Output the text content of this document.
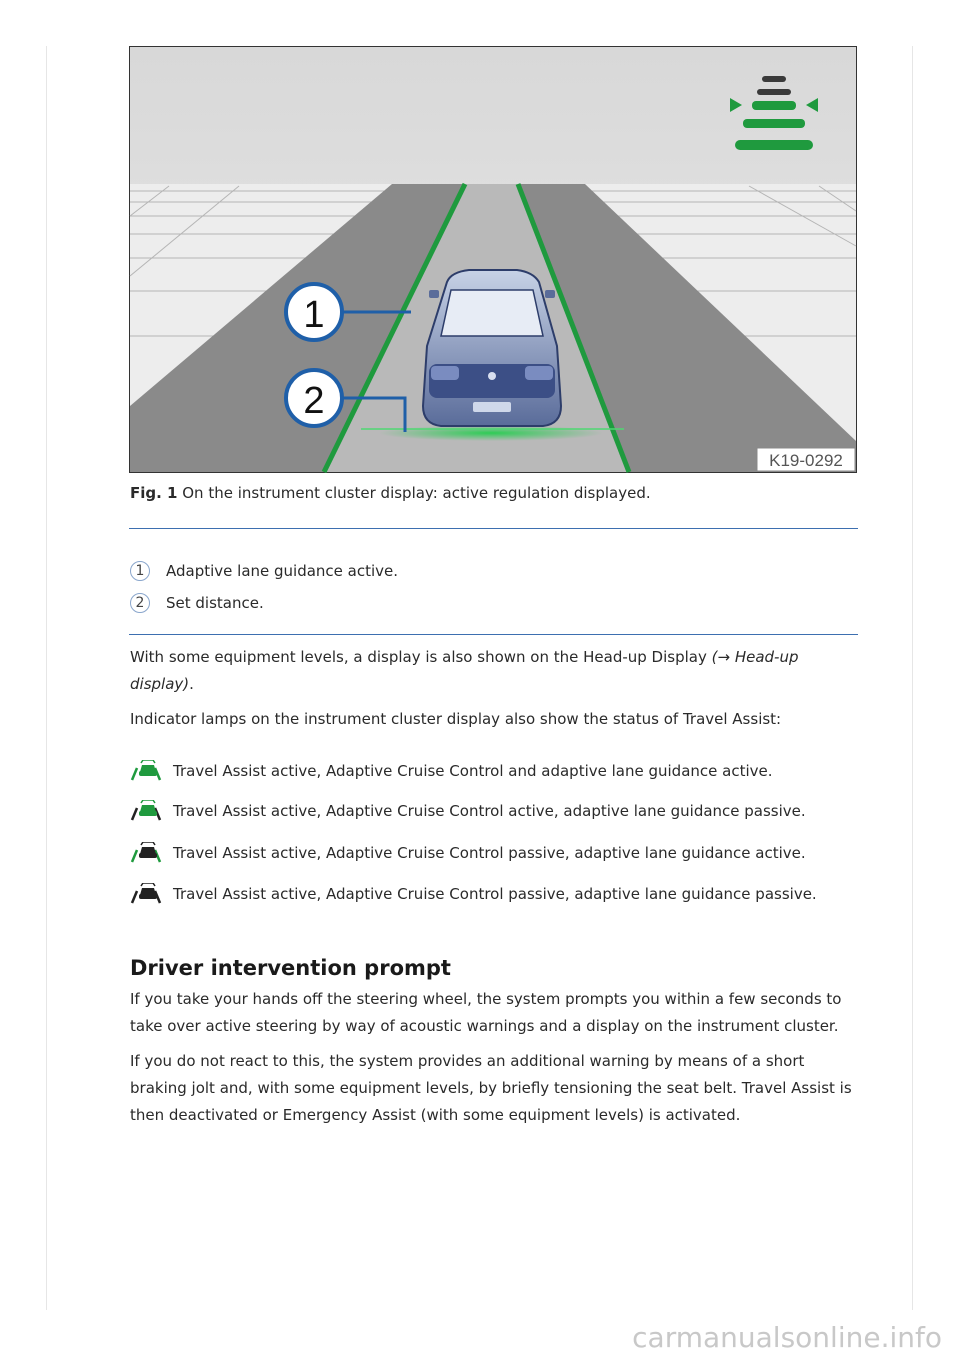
1
2
K19-0292
Fig. 1 On the instrument cluster display: active regulation displayed.
1	Adaptive lane guidance active.
2	Set distance.

With some equipment levels, a display is also shown on the Head-up Display (→ Head-up display).

Indicator lamps on the instrument cluster display also show the status of Travel Assist:

Travel Assist active, Adaptive Cruise Control and adaptive lane guidance active.
Travel Assist active, Adaptive Cruise Control active, adaptive lane guidance passive.
Travel Assist active, Adaptive Cruise Control passive, adaptive lane guidance active.
Travel Assist active, Adaptive Cruise Control passive, adaptive lane guidance passive.
Driver intervention prompt

If you take your hands off the steering wheel, the system prompts you within a few seconds to take over active steering by way of acoustic warnings and a display on the instrument cluster.

If you do not react to this, the system provides an additional warning by means of a short braking jolt and, with some equipment levels, by briefly tensioning the seat belt. Travel Assist is then deactivated or Emergency Assist (with some equipment levels) is activated.

carmanualsonline.info
